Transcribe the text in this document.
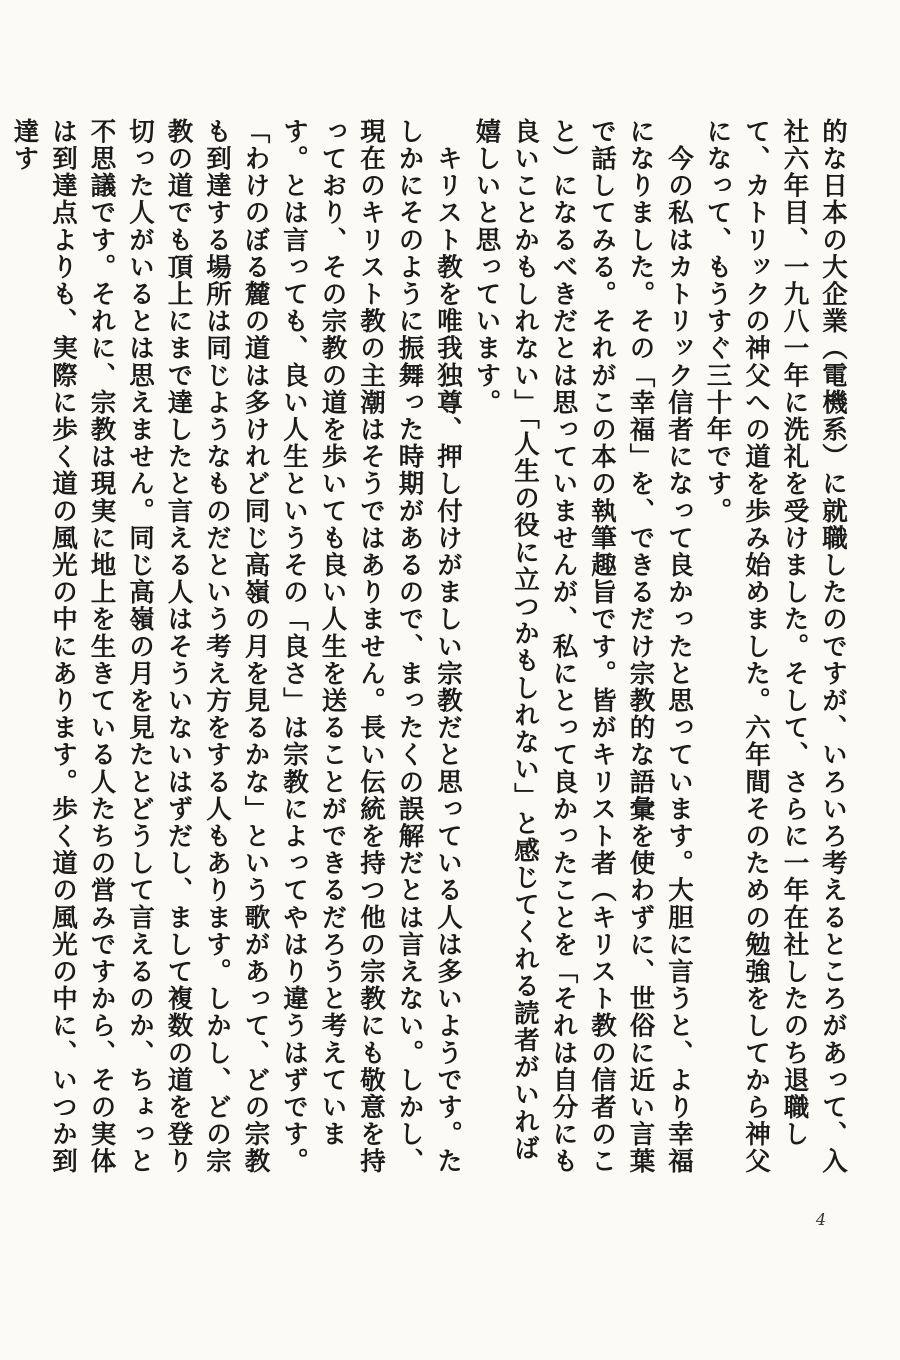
的な日本の大企業（電機系）に就職したのですが、いろいろ考えるところがあって、入社六年目、一九八一年に洗礼を受けました。そして、さらに一年在社したのち退職して、カトリックの神父への道を歩み始めました。六年間そのための勉強をしてから神父になって、もうすぐ三十年です。

　今の私はカトリック信者になって良かったと思っています。大胆に言うと、より幸福になりました。その「幸福」を、できるだけ宗教的な語彙を使わずに、世俗に近い言葉で話してみる。それがこの本の執筆趣旨です。皆がキリスト者（キリスト教の信者のこと）になるべきだとは思っていませんが、私にとって良かったことを「それは自分にも良いことかもしれない」「人生の役に立つかもしれない」と感じてくれる読者がいれば嬉しいと思っています。

　キリスト教を唯我独尊、押し付けがましい宗教だと思っている人は多いようです。たしかにそのように振舞った時期があるので、まったくの誤解だとは言えない。しかし、現在のキリスト教の主潮はそうではありません。長い伝統を持つ他の宗教にも敬意を持っており、その宗教の道を歩いても良い人生を送ることができるだろうと考えています。とは言っても、良い人生というその「良さ」は宗教によってやはり違うはずです。「わけのぼる麓の道は多けれど同じ高嶺の月を見るかな」という歌があって、どの宗教も到達する場所は同じようなものだという考え方をする人もあります。しかし、どの宗教の道でも頂上にまで達したと言える人はそういないはずだし、まして複数の道を登り切った人がいるとは思えません。同じ高嶺の月を見たとどうして言えるのか、ちょっと不思議です。それに、宗教は現実に地上を生きている人たちの営みですから、その実体は到達点よりも、実際に歩く道の風光の中にあります。歩く道の風光の中に、いつか到達す

4
